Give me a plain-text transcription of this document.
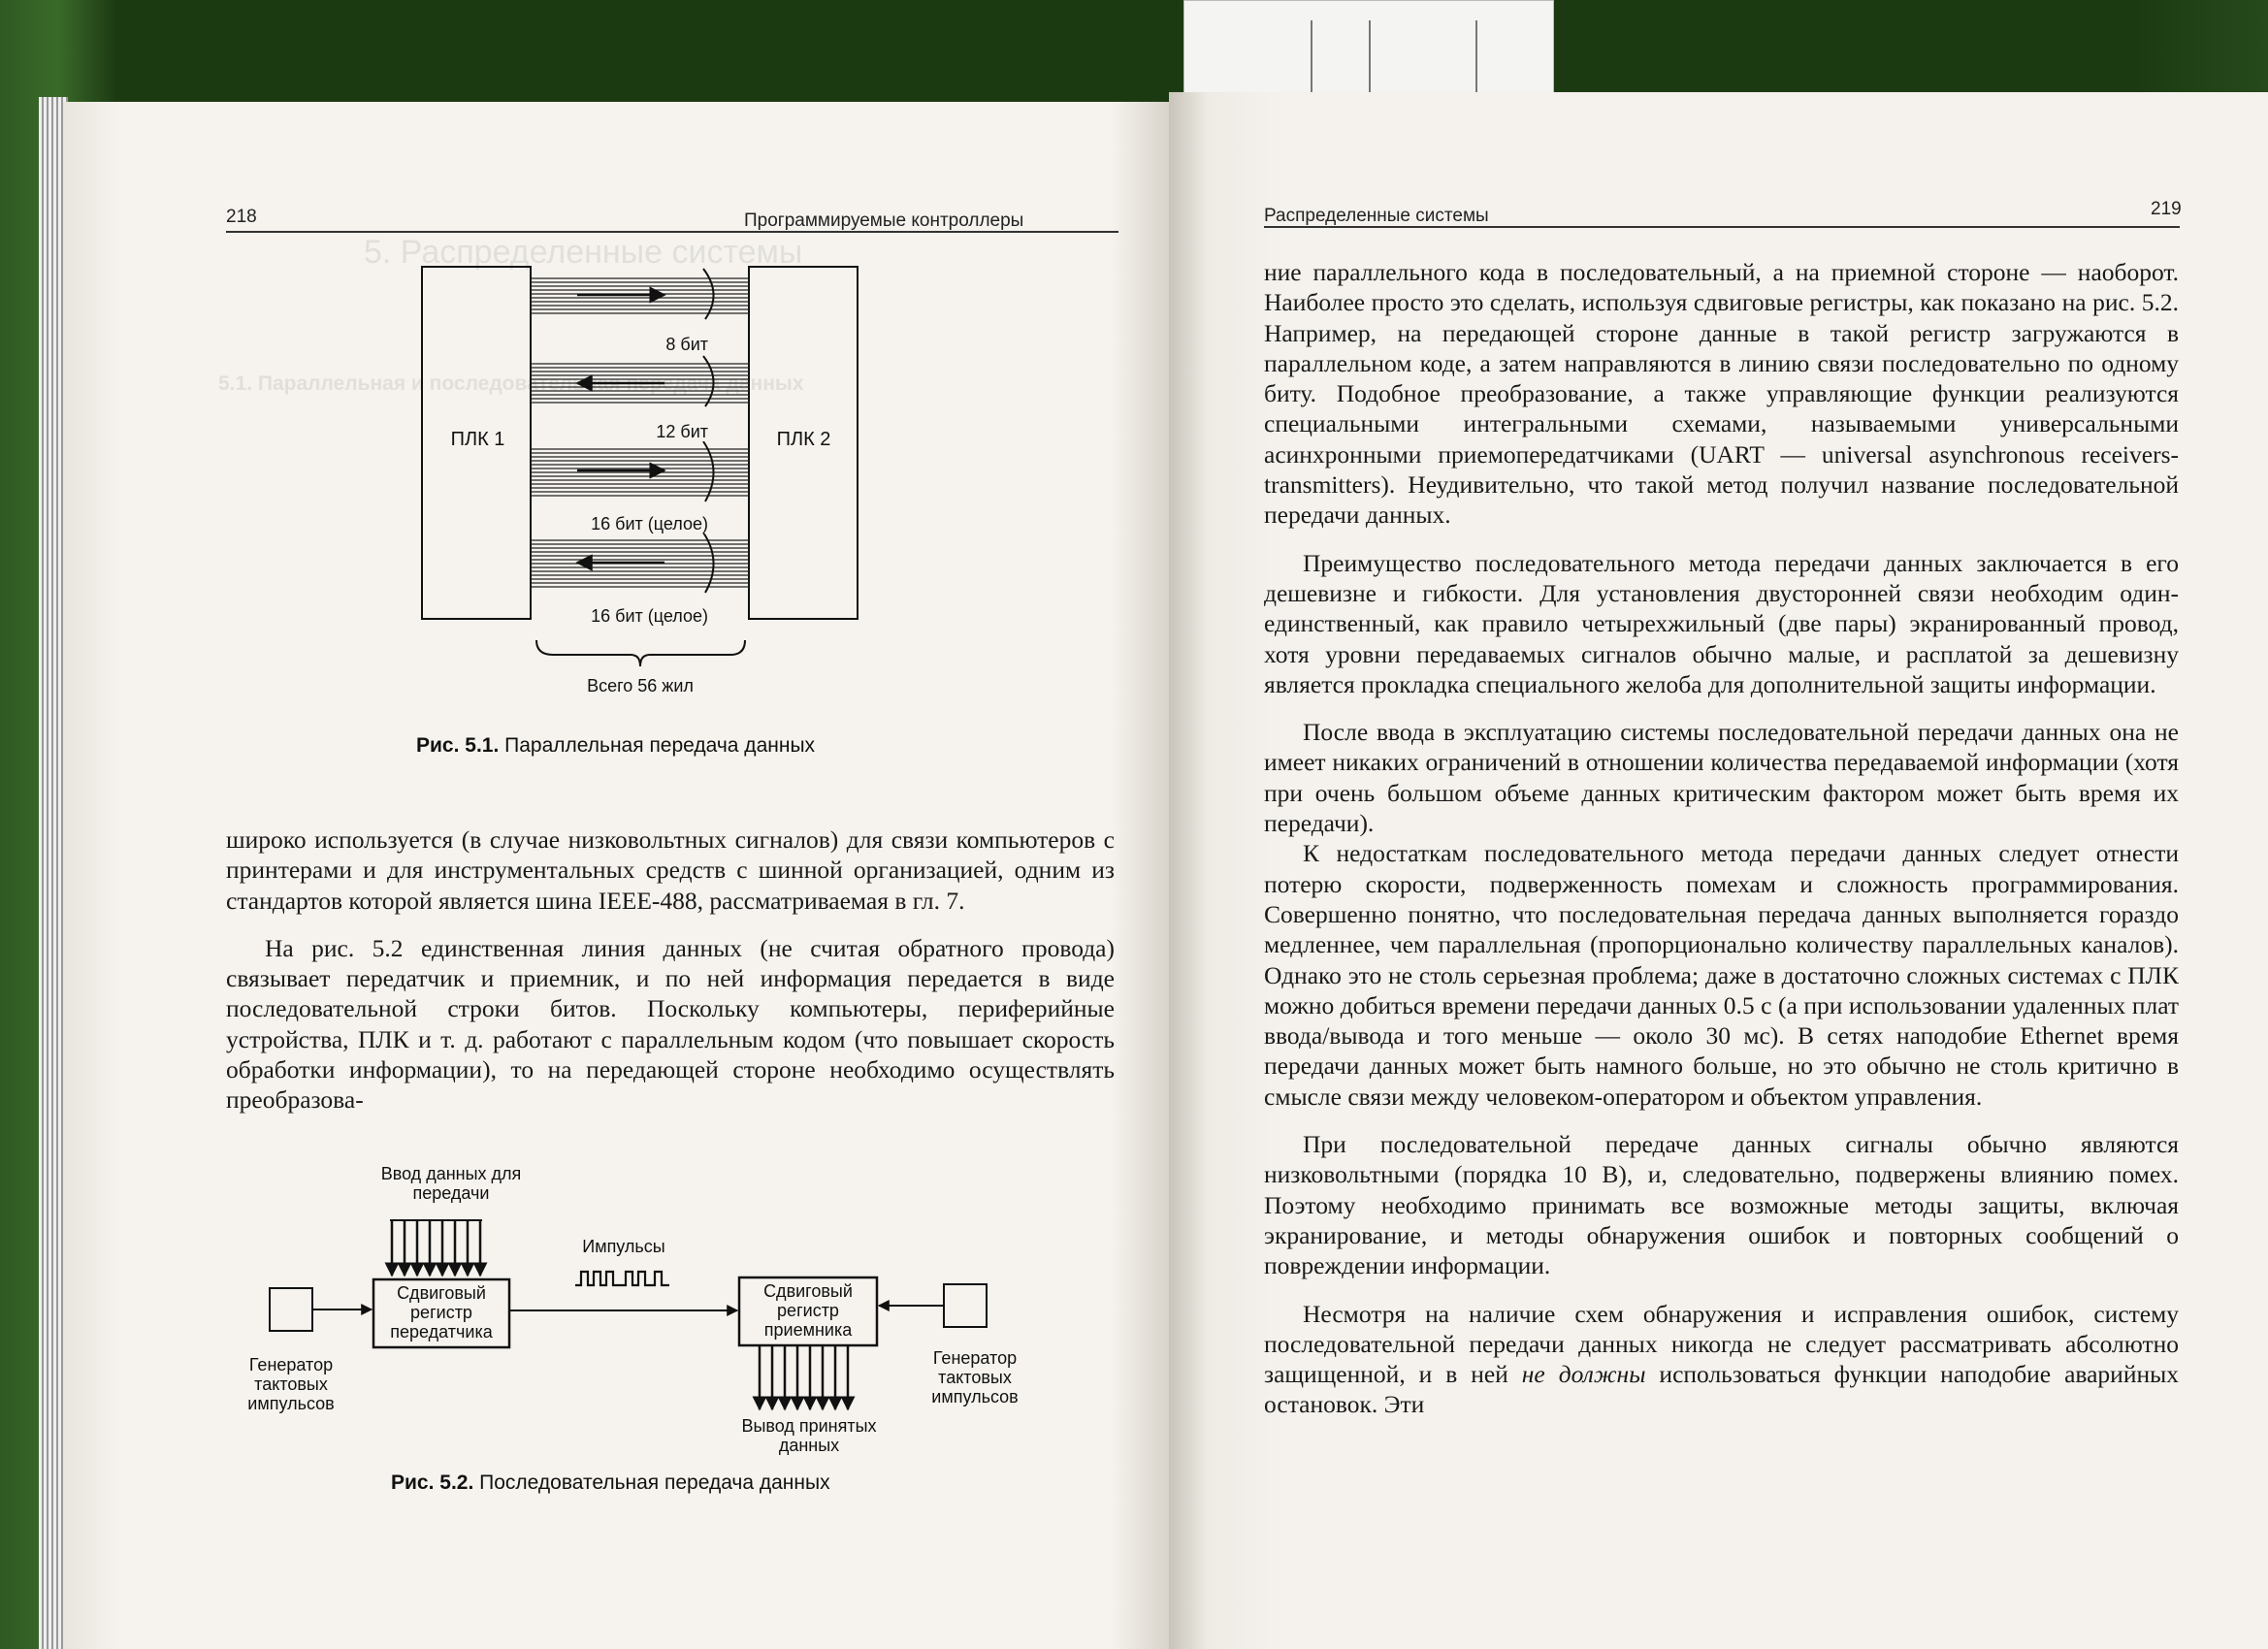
5. Распределенные системы
5.1. Параллельная и последовательная передача данных
218	Программируемые контроллеры
ПЛК 1	ПЛК 2
8 бит
12 бит
16 бит (целое)
16 бит (целое)
Всего 56 жил
Рис. 5.1. Параллельная передача данных

широко используется (в случае низковольтных сигналов) для связи компьютеров с принтерами и для инструментальных средств с шинной организацией, одним из стандартов которой является шина IEEE-488, рассматриваемая в гл. 7.

На рис. 5.2 единственная линия данных (не считая обратного провода) связывает передатчик и приемник, и по ней информация передается в виде последовательной строки битов. Поскольку компьютеры, периферийные устройства, ПЛК и т. д. работают с параллельным кодом (что повышает скорость обработки информации), то на передающей стороне необходимо осуществлять преобразова-

Ввод данных для передачи
Импульсы
Сдвиговый регистр передатчика
Сдвиговый регистр приемника
Генератор тактовых импульсов
Генератор тактовых импульсов
Вывод принятых данных
Рис. 5.2. Последовательная передача данных
Распределенные системы	219

ние параллельного кода в последовательный, а на приемной стороне — наоборот. Наиболее просто это сделать, используя сдвиговые регистры, как показано на рис. 5.2. Например, на передающей стороне данные в такой регистр загружаются в параллельном коде, а затем направляются в линию связи последовательно по одному биту. Подобное преобразование, а также управляющие функции реализуются специальными интегральными схемами, называемыми универсальными асинхронными приемопередатчиками (UART — universal asynchronous receivers-transmitters). Неудивительно, что такой метод получил название последовательной передачи данных.

Преимущество последовательного метода передачи данных заключается в его дешевизне и гибкости. Для установления двусторонней связи необходим один-единственный, как правило четырехжильный (две пары) экранированный провод, хотя уровни передаваемых сигналов обычно малые, и расплатой за дешевизну является прокладка специального желоба для дополнительной защиты информации.

После ввода в эксплуатацию системы последовательной передачи данных она не имеет никаких ограничений в отношении количества передаваемой информации (хотя при очень большом объеме данных критическим фактором может быть время их передачи).

К недостаткам последовательного метода передачи данных следует отнести потерю скорости, подверженность помехам и сложность программирования. Совершенно понятно, что последовательная передача данных выполняется гораздо медленнее, чем параллельная (пропорционально количеству параллельных каналов). Однако это не столь серьезная проблема; даже в достаточно сложных системах с ПЛК можно добиться времени передачи данных 0.5 с (а при использовании удаленных плат ввода/вывода и того меньше — около 30 мс). В сетях наподобие Ethernet время передачи данных может быть намного больше, но это обычно не столь критично в смысле связи между человеком-оператором и объектом управления.

При последовательной передаче данных сигналы обычно являются низковольтными (порядка 10 В), и, следовательно, подвержены влиянию помех. Поэтому необходимо принимать все возможные методы защиты, включая экранирование, и методы обнаружения ошибок и повторных сообщений о повреждении информации.

Несмотря на наличие схем обнаружения и исправления ошибок, систему последовательной передачи данных никогда не следует рассматривать абсолютно защищенной, и в ней не должны использоваться функции наподобие аварийных остановок. Эти
